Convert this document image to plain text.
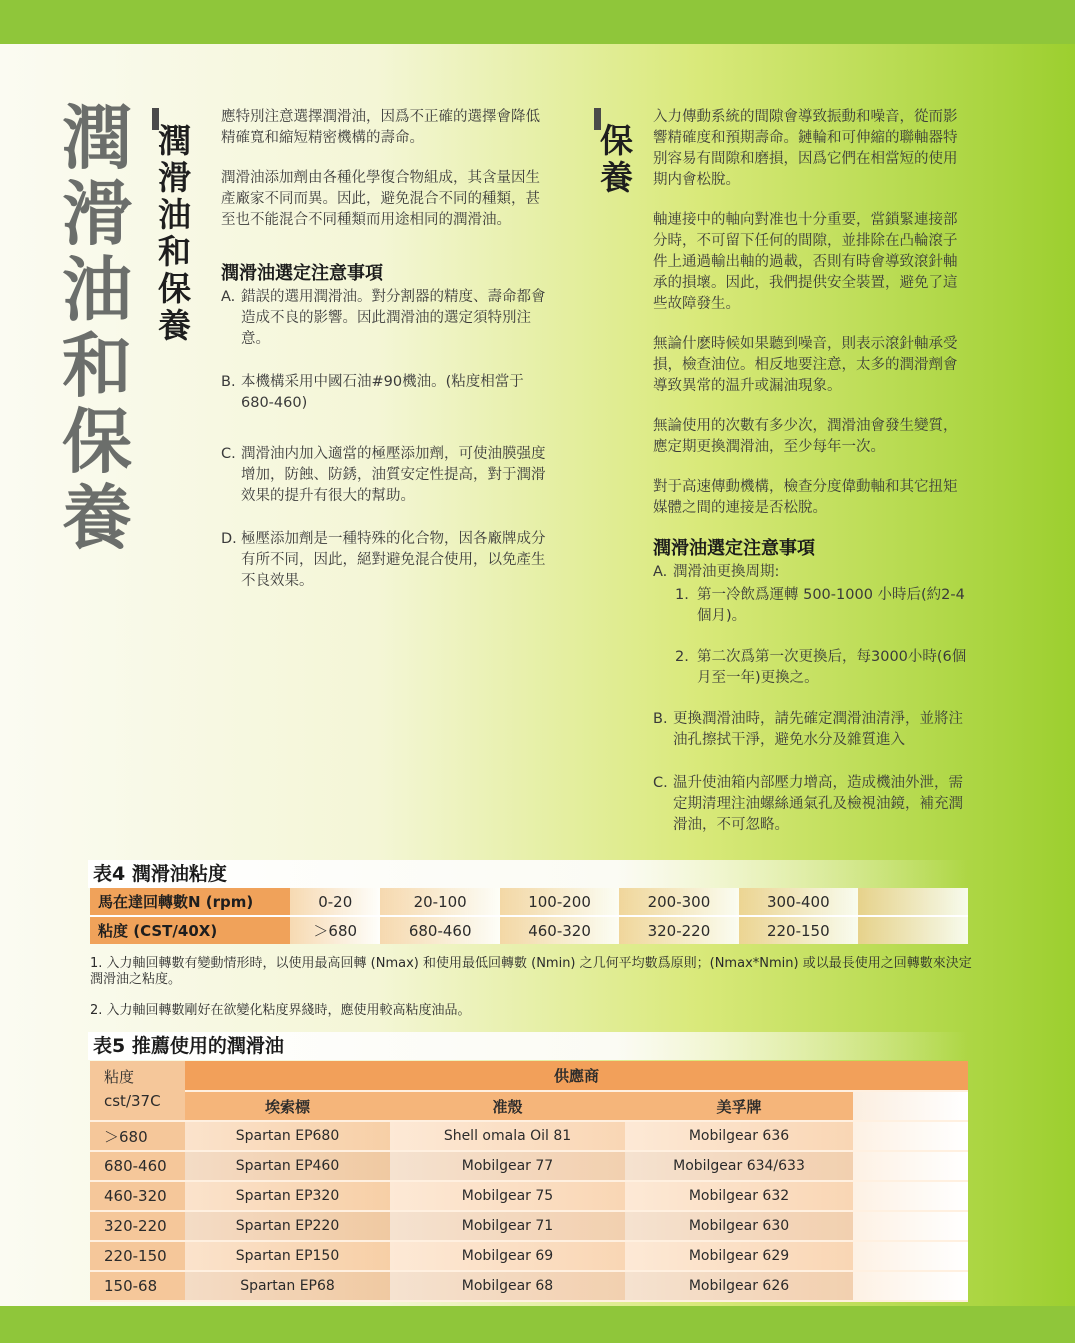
潤滑油和保養
潤滑油和保養
保養

應特別注意選擇潤滑油，因爲不正確的選擇會降低精確寬和縮短精密機構的壽命。

潤滑油添加劑由各種化學復合物組成，其含量因生產廠家不同而異。因此，避免混合不同的種類，甚至也不能混合不同種類而用途相同的潤滑油。

潤滑油選定注意事項
A. 錯誤的選用潤滑油。對分割器的精度、壽命都會造成不良的影響。因此潤滑油的選定須特別注意。
B. 本機構采用中國石油#90機油。(粘度相當于680-460)
C. 潤滑油内加入適當的極壓添加劑，可使油膜强度增加，防蝕、防銹，油質安定性提高，對于潤滑效果的提升有很大的幫助。
D. 極壓添加劑是一種特殊的化合物，因各廠牌成分有所不同，因此，絕對避免混合使用，以免產生不良效果。

入力傳動系統的間隙會導致振動和噪音，從而影響精確度和預期壽命。鏈輪和可伸縮的聯軸器特别容易有間隙和磨損，因爲它們在相當短的使用期内會松脫。

軸連接中的軸向對准也十分重要，當鎖緊連接部分時，不可留下任何的間隙，並排除在凸輪滾子件上通過輸出軸的過載，否則有時會導致滾針軸承的損壞。因此，我們提供安全裝置，避免了這些故障發生。

無論什麽時候如果聽到噪音，則表示滾針軸承受損，檢查油位。相反地要注意，太多的潤滑劑會導致異常的温升或漏油現象。

無論使用的次數有多少次，潤滑油會發生變質，應定期更換潤滑油，至少每年一次。

對于高速傳動機構，檢查分度偉動軸和其它扭矩媒體之間的連接是否松脫。

潤滑油選定注意事項
A. 潤滑油更換周期:
1. 第一冷飲爲運轉 500-1000 小時后(約2-4個月)。
2. 第二次爲第一次更換后，每3000小時(6個月至一年)更換之。
B. 更換潤滑油時，請先確定潤滑油清淨，並將注油孔擦拭干淨，避免水分及雜質進入
C. 温升使油箱内部壓力增高，造成機油外泄，需定期清理注油螺絲通氣孔及檢視油鏡，補充潤滑油，不可忽略。
表4 潤滑油粘度
馬在達回轉數N (rpm)	0-20	20-100	100-200	200-300	300-400	
粘度 (CST/40X)	＞680	680-460	460-320	320-220	220-150	
1. 入力軸回轉數有變動情形時，以使用最高回轉 (Nmax) 和使用最低回轉數 (Nmin) 之几何平均數爲原則；(Nmax*Nmin) 或以最長使用之回轉數來決定潤滑油之粘度。
2. 入力軸回轉數剛好在欲變化粘度界綫時，應使用較高粘度油品。
表5 推薦使用的潤滑油
粘度
cst/37C	供應商			
	埃索標	准殼	美孚牌	
＞680	Spartan EP680	Shell omala Oil 81	Mobilgear 636	
680-460	Spartan EP460	Mobilgear 77	Mobilgear 634/633	
460-320	Spartan EP320	Mobilgear 75	Mobilgear 632	
320-220	Spartan EP220	Mobilgear 71	Mobilgear 630	
220-150	Spartan EP150	Mobilgear 69	Mobilgear 629	
150-68	Spartan EP68	Mobilgear 68	Mobilgear 626	
